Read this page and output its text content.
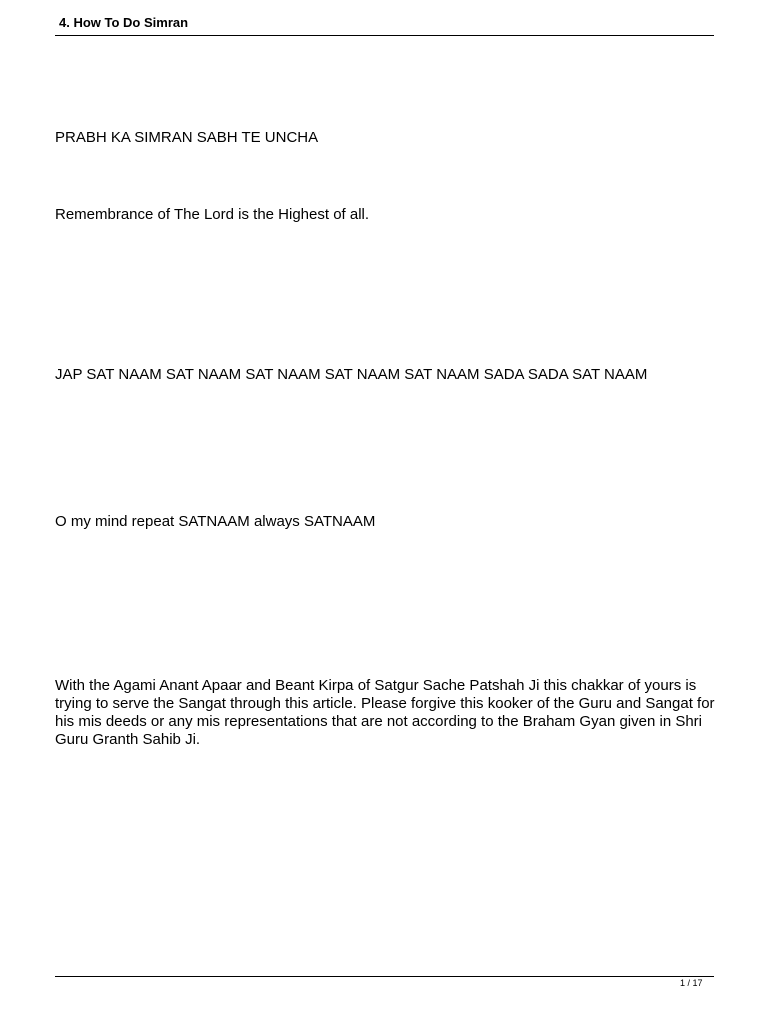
4. How To Do Simran
PRABH KA SIMRAN SABH TE UNCHA
Remembrance of The Lord is the Highest of all.
JAP SAT NAAM SAT NAAM SAT NAAM SAT NAAM SAT NAAM SADA SADA SAT NAAM
O my mind repeat SATNAAM always SATNAAM
With the Agami Anant Apaar and Beant Kirpa of Satgur Sache Patshah Ji this chakkar of yours is trying to serve the Sangat through this article. Please forgive this kooker of the Guru and Sangat for his mis deeds or any mis representations that are not according to the Braham Gyan given in Shri Guru Granth Sahib Ji.
1 / 17
